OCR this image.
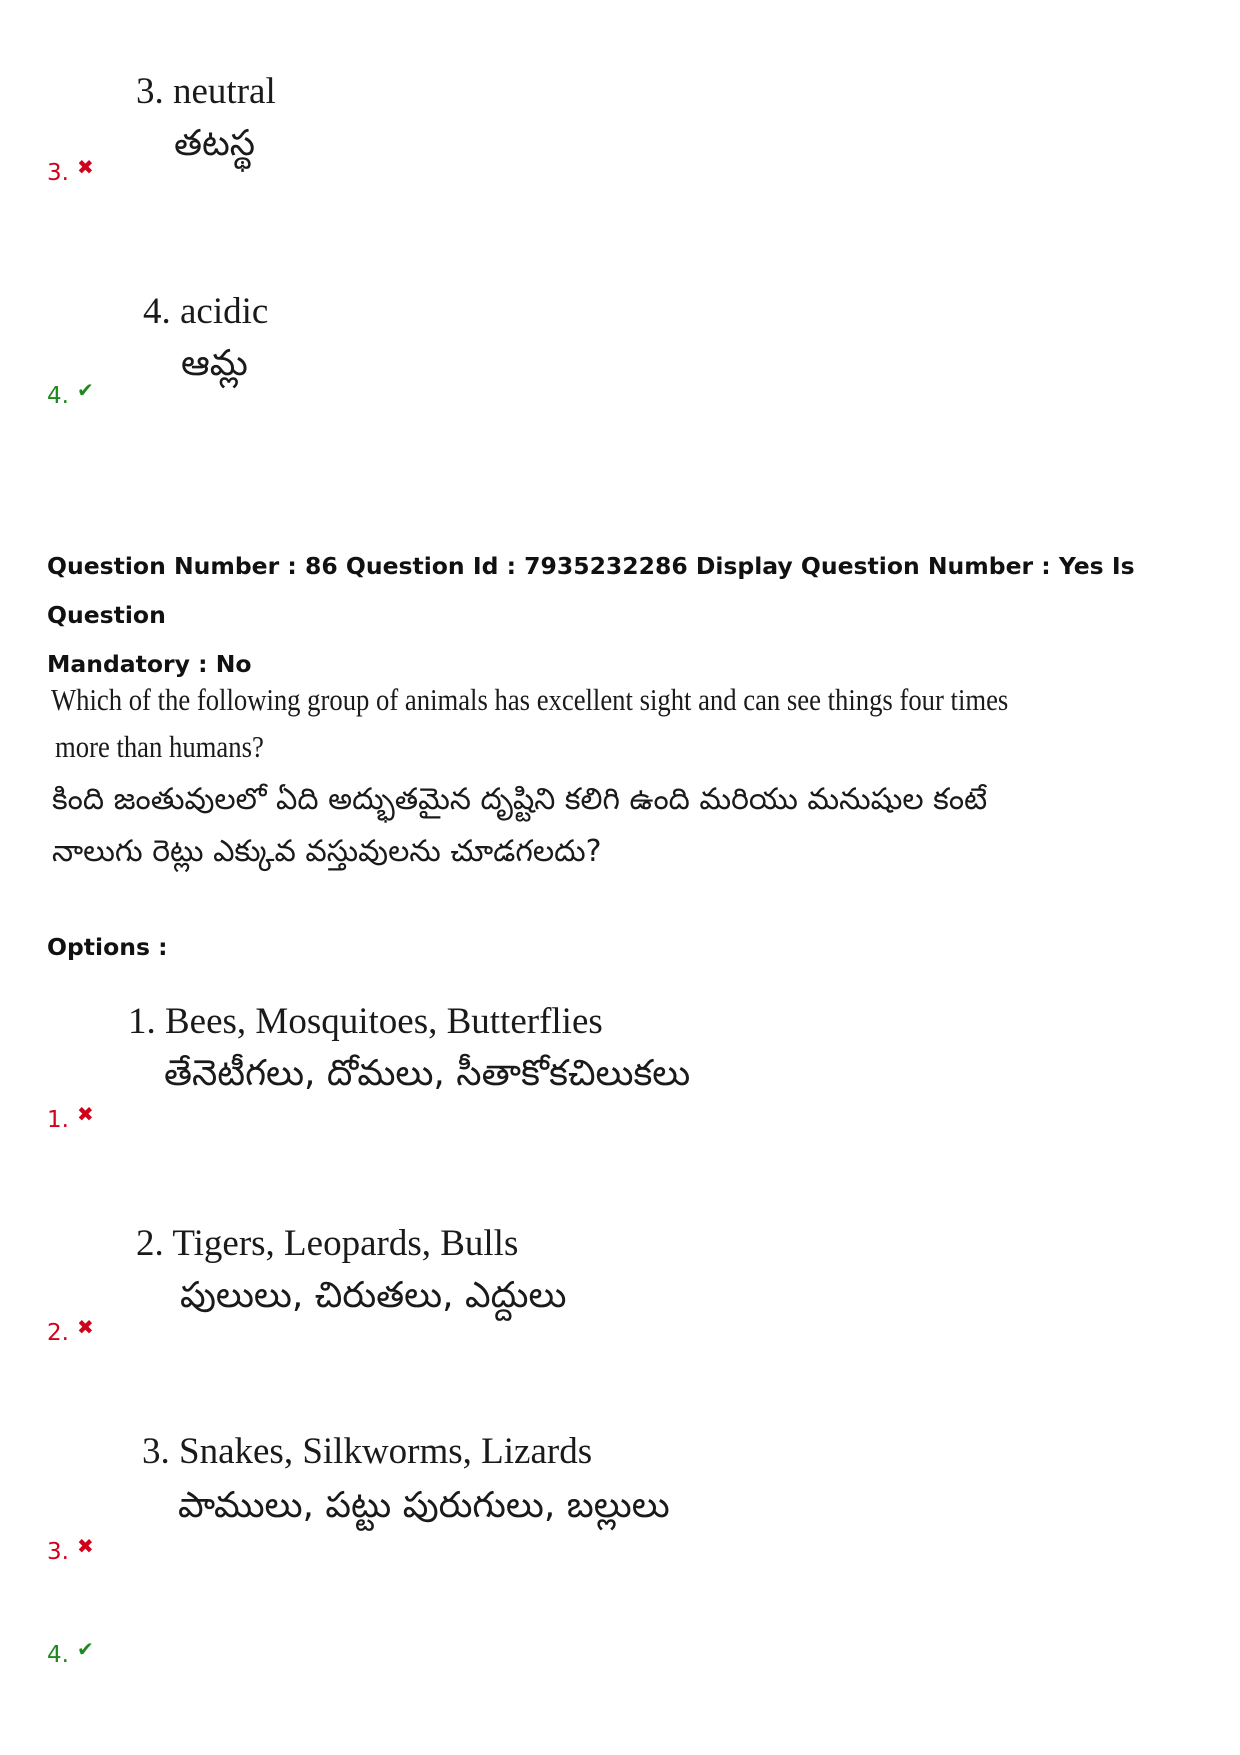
3. neutral
తటస్థ
3. ✖
4. acidic
ఆమ్ల
4. ✔
Question Number : 86 Question Id : 7935232286 Display Question Number : Yes Is Question
Mandatory : No
Which of the following group of animals has excellent sight and can see things four times
more than humans?
కింది జంతువులలో ఏది అద్భుతమైన దృష్టిని కలిగి ఉంది మరియు మనుషుల కంటే
నాలుగు రెట్లు ఎక్కువ వస్తువులను చూడగలదు?
Options :
1. Bees, Mosquitoes, Butterflies
తేనెటీగలు, దోమలు, సీతాకోకచిలుకలు
1. ✖
2. Tigers, Leopards, Bulls
పులులు, చిరుతలు, ఎద్దులు
2. ✖
3. Snakes, Silkworms, Lizards
పాములు, పట్టు పురుగులు, బల్లులు
3. ✖
4. ✔
